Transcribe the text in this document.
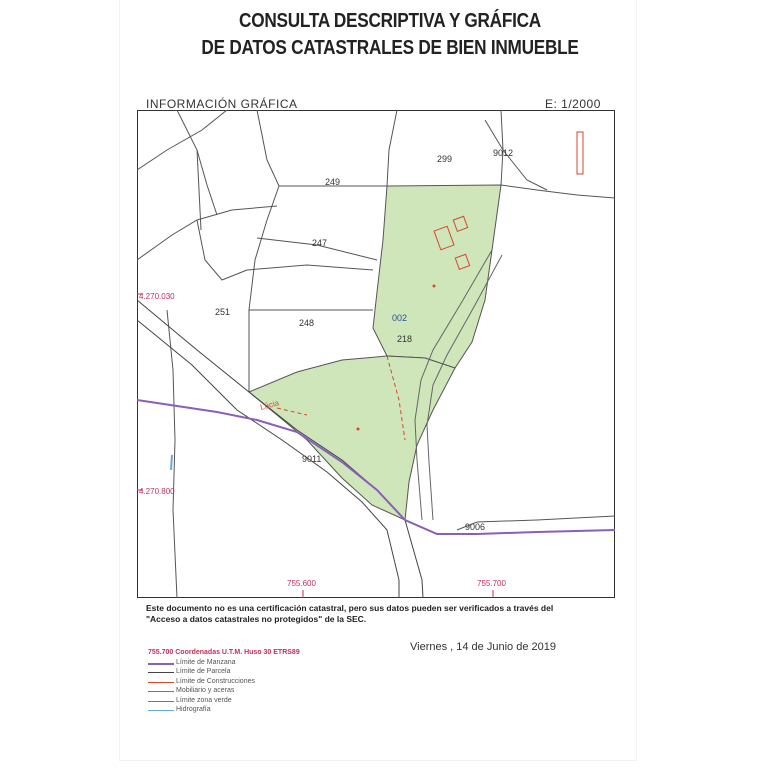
CONSULTA DESCRIPTIVA Y GRÁFICA
DE DATOS CATASTRALES DE BIEN INMUEBLE
INFORMACIÓN GRÁFICA	E: 1/2000
249
299
9012
247
251
248	002
218
9011
9006
Lúcia
4.270.030
4.270.800
755.600	755.700
Este documento no es una certificación catastral, pero sus datos pueden ser verificados a través del
"Acceso a datos catastrales no protegidos" de la SEC.
Viernes , 14 de Junio de 2019
755.700 Coordenadas U.T.M. Huso 30 ETRS89
Límite de Manzana
Límite de Parcela
Límite de Construcciones
Mobiliario y aceras
Límite zona verde
Hidrografía
